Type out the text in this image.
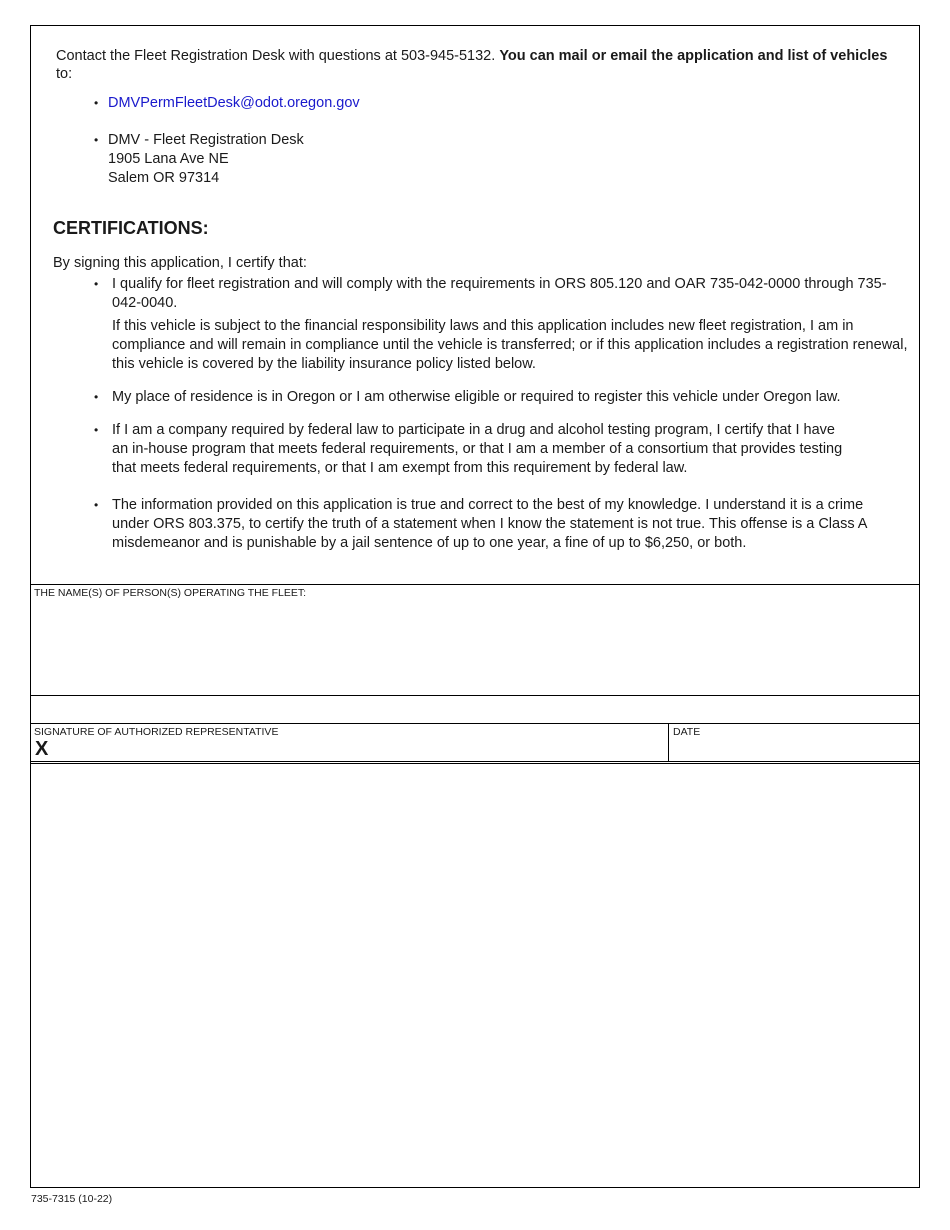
Contact the Fleet Registration Desk with questions at 503-945-5132. You can mail or email the application and list of vehicles to:
• DMVPermFleetDesk@odot.oregon.gov
• DMV - Fleet Registration Desk
1905 Lana Ave NE
Salem OR 97314
CERTIFICATIONS:
By signing this application, I certify that:
• I qualify for fleet registration and will comply with the requirements in ORS 805.120 and OAR 735-042-0000 through 735-042-0040.
If this vehicle is subject to the financial responsibility laws and this application includes new fleet registration, I am in compliance and will remain in compliance until the vehicle is transferred; or if this application includes a registration renewal, this vehicle is covered by the liability insurance policy listed below.
• My place of residence is in Oregon or I am otherwise eligible or required to register this vehicle under Oregon law.
• If I am a company required by federal law to participate in a drug and alcohol testing program, I certify that I have an in-house program that meets federal requirements, or that I am a member of a consortium that provides testing that meets federal requirements, or that I am exempt from this requirement by federal law.
• The information provided on this application is true and correct to the best of my knowledge. I understand it is a crime under ORS 803.375, to certify the truth of a statement when I know the statement is not true. This offense is a Class A misdemeanor and is punishable by a jail sentence of up to one year, a fine of up to $6,250, or both.
THE NAME(S) OF PERSON(S) OPERATING THE FLEET:
SIGNATURE OF AUTHORIZED REPRESENTATIVE
X
DATE
735-7315 (10-22)
